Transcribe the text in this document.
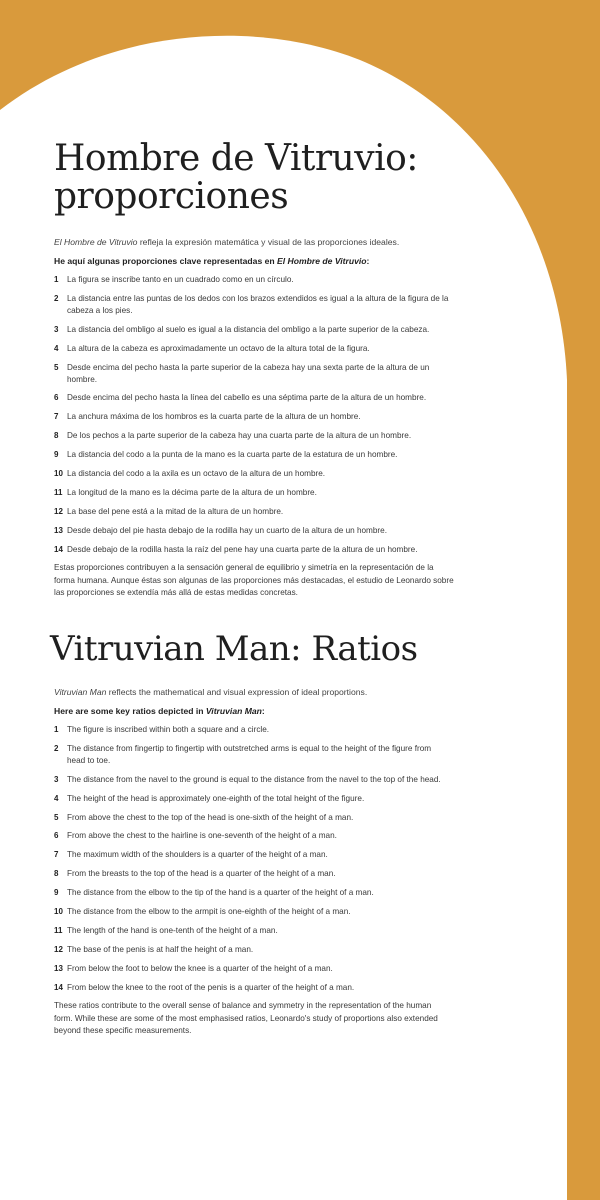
Hombre de Vitruvio:
proporciones

El Hombre de Vitruvio refleja la expresión matemática y visual de las proporciones ideales.

He aquí algunas proporciones clave representadas en El Hombre de Vitruvio:

1 La figura se inscribe tanto en un cuadrado como en un círculo.
2 La distancia entre las puntas de los dedos con los brazos extendidos es igual a la altura de la figura de la cabeza a los pies.
3 La distancia del ombligo al suelo es igual a la distancia del ombligo a la parte superior de la cabeza.
4 La altura de la cabeza es aproximadamente un octavo de la altura total de la figura.
5 Desde encima del pecho hasta la parte superior de la cabeza hay una sexta parte de la altura de un hombre.
6 Desde encima del pecho hasta la línea del cabello es una séptima parte de la altura de un hombre.
7 La anchura máxima de los hombros es la cuarta parte de la altura de un hombre.
8 De los pechos a la parte superior de la cabeza hay una cuarta parte de la altura de un hombre.
9 La distancia del codo a la punta de la mano es la cuarta parte de la estatura de un hombre.
10 La distancia del codo a la axila es un octavo de la altura de un hombre.
11 La longitud de la mano es la décima parte de la altura de un hombre.
12 La base del pene está a la mitad de la altura de un hombre.
13 Desde debajo del pie hasta debajo de la rodilla hay un cuarto de la altura de un hombre.
14 Desde debajo de la rodilla hasta la raíz del pene hay una cuarta parte de la altura de un hombre.

Estas proporciones contribuyen a la sensación general de equilibrio y simetría en la representación de la forma humana. Aunque éstas son algunas de las proporciones más destacadas, el estudio de Leonardo sobre las proporciones se extendía más allá de estas medidas concretas.

Vitruvian Man: Ratios

Vitruvian Man reflects the mathematical and visual expression of ideal proportions.

Here are some key ratios depicted in Vitruvian Man:

1 The figure is inscribed within both a square and a circle.
2 The distance from fingertip to fingertip with outstretched arms is equal to the height of the figure from head to toe.
3 The distance from the navel to the ground is equal to the distance from the navel to the top of the head.
4 The height of the head is approximately one-eighth of the total height of the figure.
5 From above the chest to the top of the head is one-sixth of the height of a man.
6 From above the chest to the hairline is one-seventh of the height of a man.
7 The maximum width of the shoulders is a quarter of the height of a man.
8 From the breasts to the top of the head is a quarter of the height of a man.
9 The distance from the elbow to the tip of the hand is a quarter of the height of a man.
10 The distance from the elbow to the armpit is one-eighth of the height of a man.
11 The length of the hand is one-tenth of the height of a man.
12 The base of the penis is at half the height of a man.
13 From below the foot to below the knee is a quarter of the height of a man.
14 From below the knee to the root of the penis is a quarter of the height of a man.

These ratios contribute to the overall sense of balance and symmetry in the representation of the human form. While these are some of the most emphasised ratios, Leonardo's study of proportions also extended beyond these specific measurements.
